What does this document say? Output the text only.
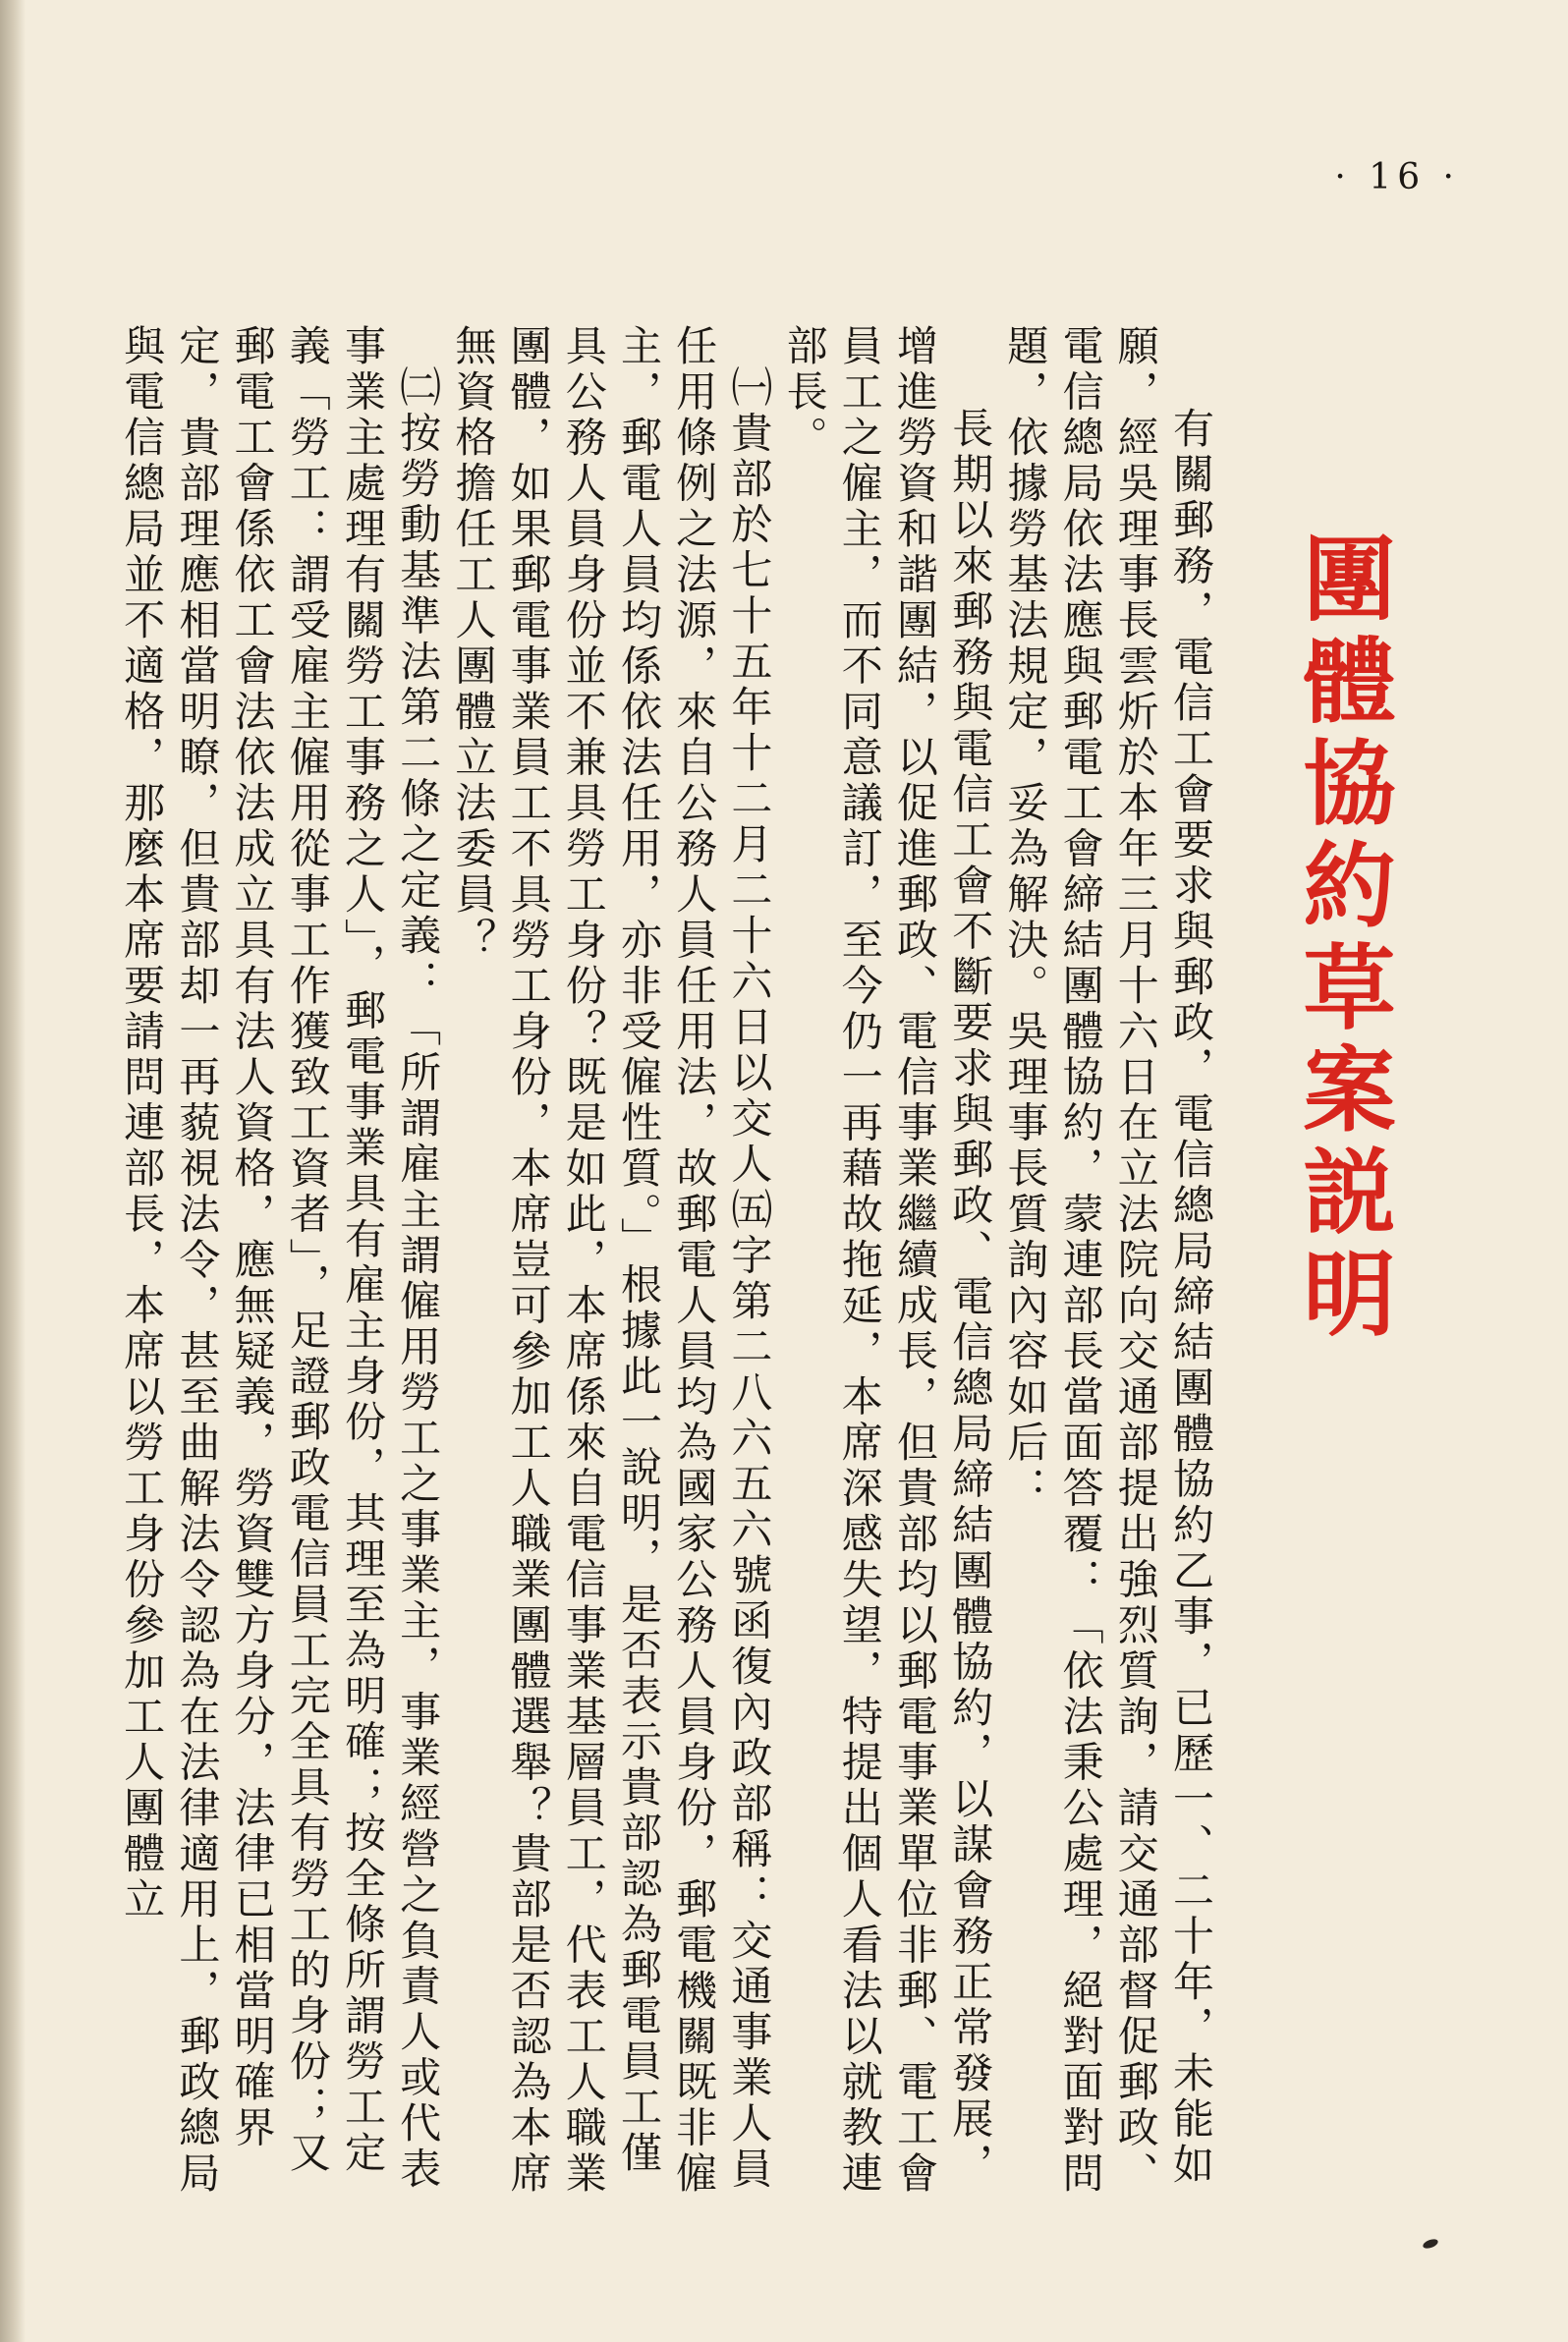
· 16 ·
團體協約草案説明

有關郵務，電信工會要求與郵政，電信總局締結團體協約乙事，已歷一、二十年，未能如願，經吳理事長雲炘於本年三月十六日在立法院向交通部提出強烈質詢，請交通部督促郵政、電信總局依法應與郵電工會締結團體協約，蒙連部長當面答覆：「依法秉公處理，絕對面對問題，依據勞基法規定，妥為解決。吳理事長質詢內容如后：

長期以來郵務與電信工會不斷要求與郵政、電信總局締結團體協約，以謀會務正常發展，增進勞資和諧團結，以促進郵政、電信事業繼續成長，但貴部均以郵電事業單位非郵、電工會員工之僱主，而不同意議訂，至今仍一再藉故拖延，本席深感失望，特提出個人看法以就教連部長。

㈠貴部於七十五年十二月二十六日以交人㈤字第二八六五六號函復內政部稱：交通事業人員任用條例之法源，來自公務人員任用法，故郵電人員均為國家公務人員身份，郵電機關既非僱主，郵電人員均係依法任用，亦非受僱性質。」根據此一說明，是否表示貴部認為郵電員工僅具公務人員身份並不兼具勞工身份？既是如此，本席係來自電信事業基層員工，代表工人職業團體，如果郵電事業員工不具勞工身份，本席豈可參加工人職業團體選舉？貴部是否認為本席無資格擔任工人團體立法委員？

㈡按勞動基準法第二條之定義：「所謂雇主謂僱用勞工之事業主，事業經營之負責人或代表事業主處理有關勞工事務之人」，郵電事業具有雇主身份，其理至為明確；按全條所謂勞工定義「勞工：謂受雇主僱用從事工作獲致工資者」，足證郵政電信員工完全具有勞工的身份；又郵電工會係依工會法依法成立具有法人資格，應無疑義，勞資雙方身分，法律已相當明確界定，貴部理應相當明瞭，但貴部却一再藐視法令，甚至曲解法令認為在法律適用上，郵政總局與電信總局並不適格，那麼本席要請問連部長，本席以勞工身份參加工人團體立
